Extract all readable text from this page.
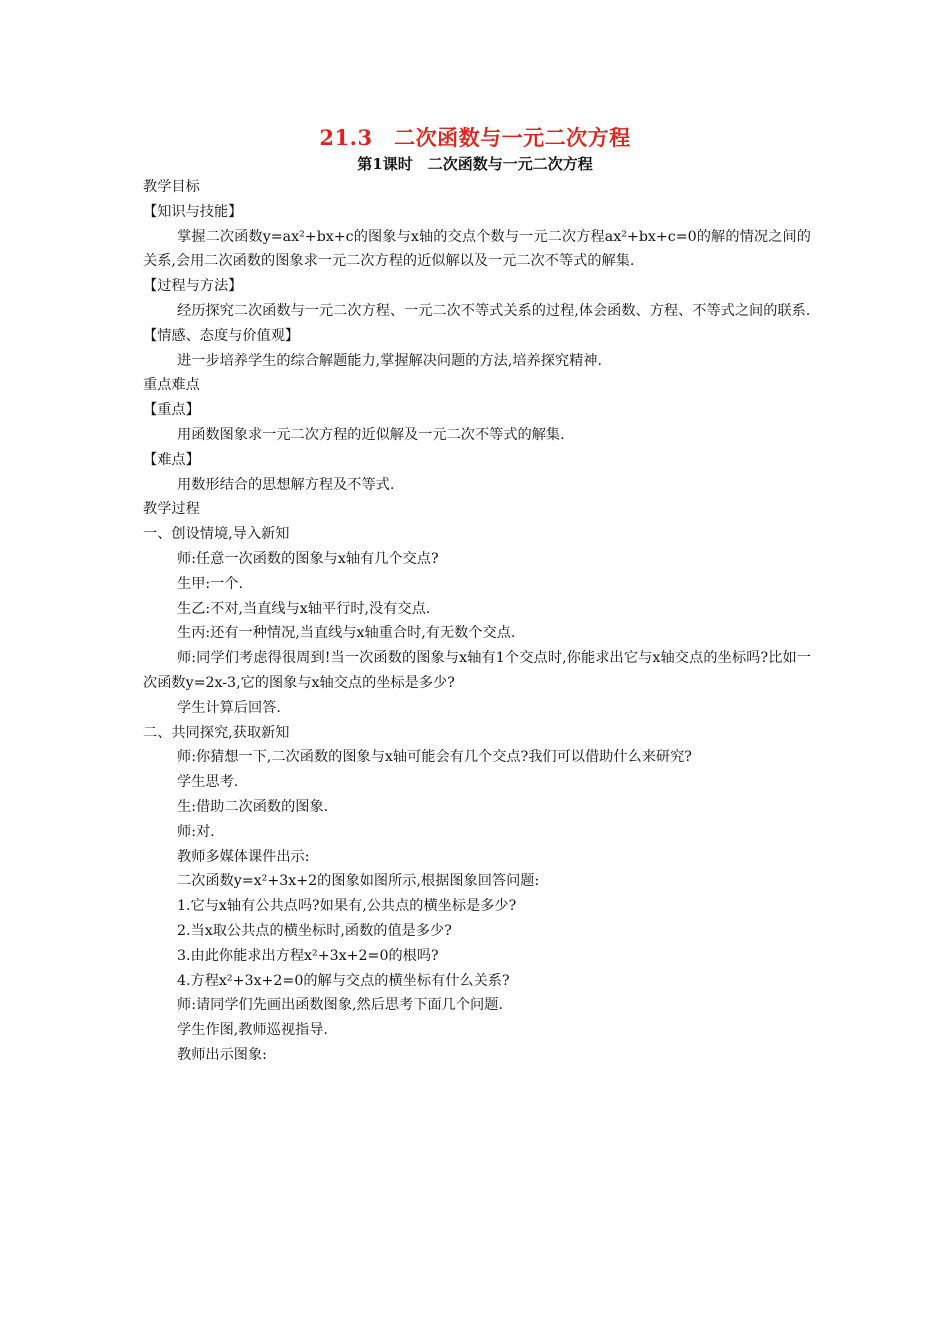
21.3　二次函数与一元二次方程
第1课时　二次函数与一元二次方程

教学目标

【知识与技能】

掌握二次函数y=ax²+bx+c的图象与x轴的交点个数与一元二次方程ax²+bx+c=0的解的情况之间的关系,会用二次函数的图象求一元二次方程的近似解以及一元二次不等式的解集.

【过程与方法】

经历探究二次函数与一元二次方程、一元二次不等式关系的过程,体会函数、方程、不等式之间的联系.

【情感、态度与价值观】

进一步培养学生的综合解题能力,掌握解决问题的方法,培养探究精神.

重点难点

【重点】

用函数图象求一元二次方程的近似解及一元二次不等式的解集.

【难点】

用数形结合的思想解方程及不等式.

教学过程

一、创设情境,导入新知

师:任意一次函数的图象与x轴有几个交点?

生甲:一个.

生乙:不对,当直线与x轴平行时,没有交点.

生丙:还有一种情况,当直线与x轴重合时,有无数个交点.

师:同学们考虑得很周到!当一次函数的图象与x轴有1个交点时,你能求出它与x轴交点的坐标吗?比如一次函数y=2x-3,它的图象与x轴交点的坐标是多少?

学生计算后回答.

二、共同探究,获取新知

师:你猜想一下,二次函数的图象与x轴可能会有几个交点?我们可以借助什么来研究?

学生思考.

生:借助二次函数的图象.

师:对.

教师多媒体课件出示:

二次函数y=x²+3x+2的图象如图所示,根据图象回答问题:

1.它与x轴有公共点吗?如果有,公共点的横坐标是多少?

2.当x取公共点的横坐标时,函数的值是多少?

3.由此你能求出方程x²+3x+2=0的根吗?

4.方程x²+3x+2=0的解与交点的横坐标有什么关系?

师:请同学们先画出函数图象,然后思考下面几个问题.

学生作图,教师巡视指导.

教师出示图象:
